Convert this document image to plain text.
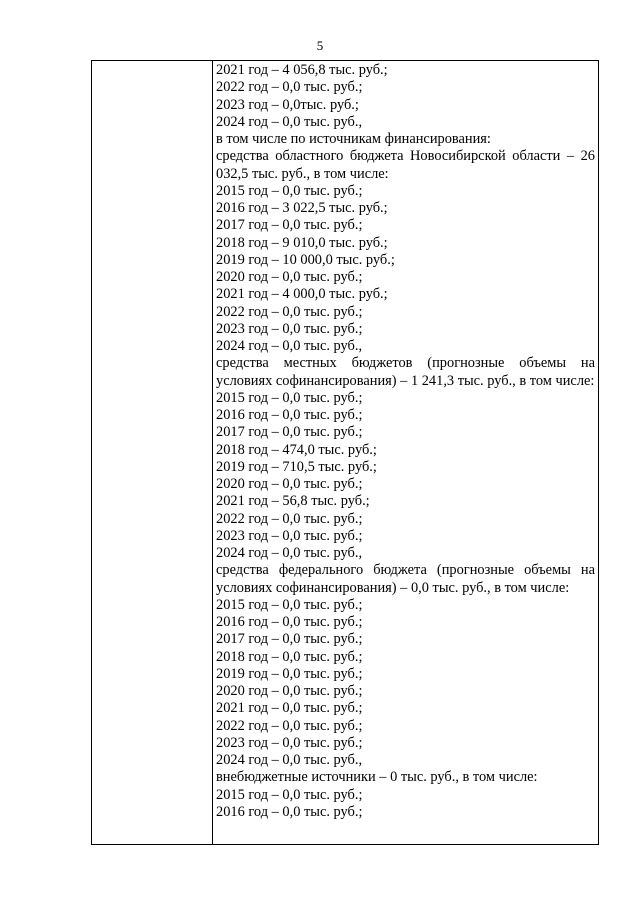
5
2021 год – 4 056,8 тыс. руб.;
2022 год – 0,0 тыс. руб.;
2023 год – 0,0тыс. руб.;
2024 год – 0,0 тыс. руб.,
в том числе по источникам финансирования:
средства областного бюджета Новосибирской области – 26 032,5 тыс. руб., в том числе:
2015 год – 0,0 тыс. руб.;
2016 год – 3 022,5 тыс. руб.;
2017 год – 0,0 тыс. руб.;
2018 год – 9 010,0 тыс. руб.;
2019 год – 10 000,0 тыс. руб.;
2020 год – 0,0 тыс. руб.;
2021 год – 4 000,0 тыс. руб.;
2022 год – 0,0 тыс. руб.;
2023 год – 0,0 тыс. руб.;
2024 год – 0,0 тыс. руб.,
средства местных бюджетов (прогнозные объемы на условиях софинансирования) – 1 241,3 тыс. руб., в том числе:
2015 год – 0,0 тыс. руб.;
2016 год – 0,0 тыс. руб.;
2017 год – 0,0 тыс. руб.;
2018 год – 474,0 тыс. руб.;
2019 год – 710,5 тыс. руб.;
2020 год – 0,0 тыс. руб.;
2021 год – 56,8 тыс. руб.;
2022 год – 0,0 тыс. руб.;
2023 год – 0,0 тыс. руб.;
2024 год – 0,0 тыс. руб.,
средства федерального бюджета (прогнозные объемы на условиях софинансирования) – 0,0 тыс. руб., в том числе:
2015 год – 0,0 тыс. руб.;
2016 год – 0,0 тыс. руб.;
2017 год – 0,0 тыс. руб.;
2018 год – 0,0 тыс. руб.;
2019 год – 0,0 тыс. руб.;
2020 год – 0,0 тыс. руб.;
2021 год – 0,0 тыс. руб.;
2022 год – 0,0 тыс. руб.;
2023 год – 0,0 тыс. руб.;
2024 год – 0,0 тыс. руб.,
внебюджетные источники – 0 тыс. руб., в том числе:
2015 год – 0,0 тыс. руб.;
2016 год – 0,0 тыс. руб.;
